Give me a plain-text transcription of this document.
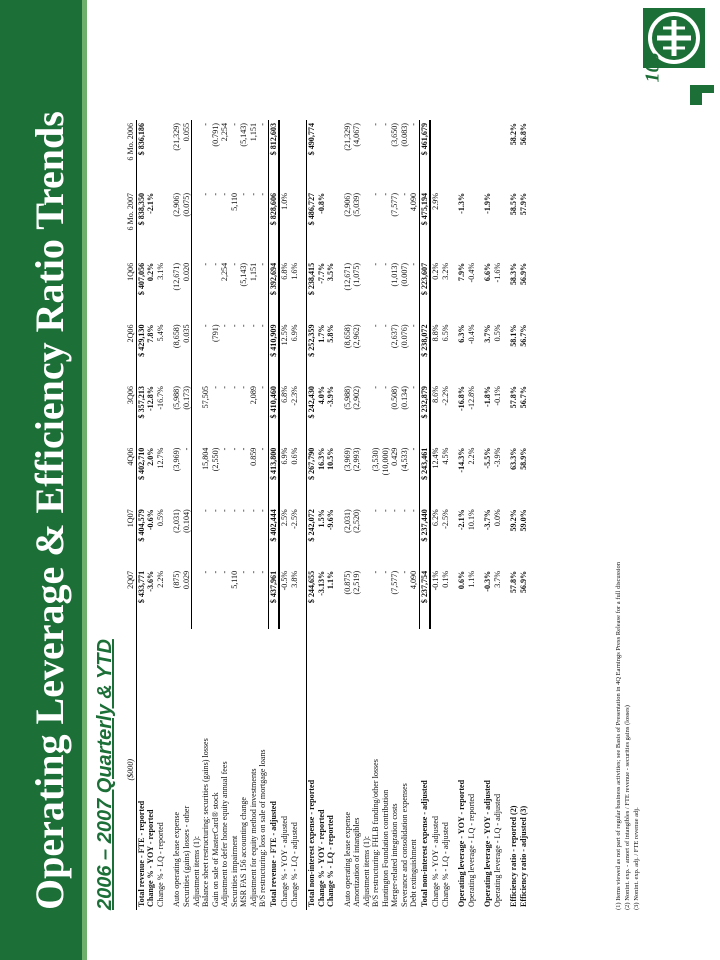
103
Operating Leverage & Efficiency Ratio Trends 2006 – 2007 Quarterly & YTD ($000)	2Q07	1Q07	4Q06	3Q06	2Q06	1Q06	6 Mo. 2007	6 Mo. 2006
Total revenue - FTE - reported	$ 433,771	$ 404,579	$ 402,710	$ 357,213	$ 429,130	$ 407,056	$ 838,350	$ 836,186
Change % - YOY - reported	-3.6%	-0.6%	2.0%	-12.8%	7.8%	0.2%	-2.1%	
Change % - LQ - reported	2.2%	0.5%	12.7%	-16.7%	5.4%	3.1%		

Auto operating lease expense	(875)	(2,031)	(3,969)	(5,988)	(8,658)	(12,671)	(2,906)	(21,329)
Securities (gains) losses - other	0.029	(0.104)	-	(0.173)	0.035	0.020	(0.075)	0.055
Adjustment items (1):								
Balance sheet restructuring: securities (gains) losses	-	-	15,804	57,505	-	-	-	-
Gain on sale of MasterCard® stock	-	-	(2,550)	-	(791)	-	-	(0.791)
Adjustment to defer home equity annual fees	-	-	-	-	-	2,254	-	2,254
Securities impairment	5,110	-	-	-	-	-	5,110	-
MSR FAS 156 accounting change	-	-	-	-	-	(5,143)	-	(5,143)
Adjustment for equity method investments	-	-	0.859	2,089	-	1,151	-	1,151
B/S restructuring: loss on sale of mortgage loans	-	-	-	-	-	-	-	-
Total revenue - FTE - adjusted	$ 437,961	$ 402,444	$ 413,800	$ 410,460	$ 410,909	$ 392,694	$ 828,606	$ 812,603
Change % - YOY - adjusted	-0.5%	2.5%	6.9%	6.8%	12.5%	6.8%	1.0%	
Change % - LQ - adjusted	3.8%	-2.5%	0.6%	-2.3%	6.9%	1.6%		

Total non-interest expense - reported	$ 244,655	$ 242,072	$ 267,790	$ 242,430	$ 252,359	$ 238,415	$ 486,727	$ 490,774
Change % - YOY - reported	-3.13%	1.5%	16.3%	4.0%	1.7%	-7.7%	-0.8%	
Change % - LQ - reported	1.1%	-9.6%	10.5%	-3.9%	5.8%	3.5%		

Auto operating lease expense	(0.875)	(2,031)	(3,969)	(5,988)	(8,658)	(12,671)	(2,906)	(21,329)
Amortization of intangibles	(2,519)	(2,520)	(2,993)	(2,902)	(2,962)	(1,075)	(5,039)	(4,067)
Adjustment items (1):								
B/S restructuring: FHLB funding/other losses	-	-	(3,530)	-	-	-	-	-
Huntington Foundation contribution	-	-	(10,000)	-	-	-	-	-
Merger-related integration costs	(7,577)	-	0.429	(0.508)	(2,637)	(1,013)	(7,577)	(3,650)
Severance and consolidation expenses	-	-	(4,533)	(0.134)	(0.076)	(0.007)	-	(0.083)
Debt extinguishment	4,090	-	-	-	-	-	4,090	-
Total non-interest expense - adjusted	$ 237,754	$ 237,440	$ 243,461	$ 232,879	$ 238,072	$ 223,607	$ 475,194	$ 461,679
Change % - YOY - adjusted	-0.1%	6.2%	12.4%	8.6%	8.8%	0.2%	2.9%	
Change % - LQ - adjusted	0.1%	-2.5%	4.5%	-2.2%	6.5%	3.2%		

Operating leverage - YOY - reported	0.6%	-2.1%	-14.3%	-16.8%	6.3%	7.9%	-1.3%	
Operating leverage - LQ - reported	1.1%	10.1%	2.2%	-12.8%	-0.4%	-0.4%		

Operating leverage - YOY - adjusted	-0.3%	-3.7%	-5.5%	-1.8%	3.7%	6.6%	-1.9%	
Operating leverage - LQ - adjusted	3.7%	0.0%	-3.9%	-0.1%	0.5%	-1.6%		

Efficiency ratio - reported (2)	57.8%	59.2%	63.3%	57.8%	58.1%	58.3%	58.5%	58.2%
Efficiency ratio - adjusted (3)	56.9%	59.0%	58.9%	56.7%	56.7%	56.9%	57.9%	56.8%
(1) Items viewed as not part of regular business activities; see Basis of Presentation in 4Q Earnings Press Release for a full discussion (2) Nonint. exp. - amort of intangibles / FTE revenue - securities gains (losses) (3) Nonint. exp. adj. / FTE revenue adj.
